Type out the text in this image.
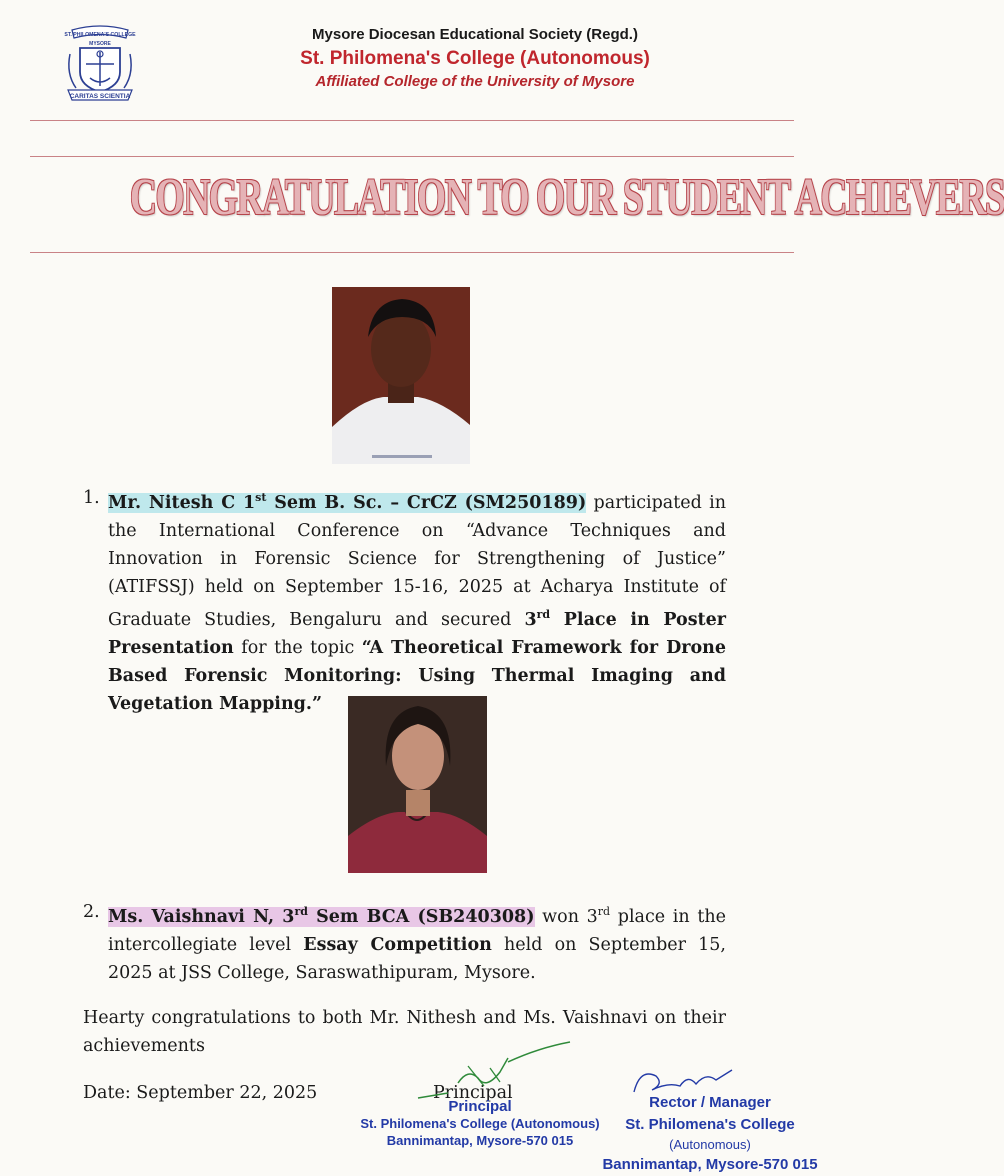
ST. PHILOMENA'S COLLEGE
MYSORE
CARITAS SCIENTIA
Mysore Diocesan Educational Society (Regd.)
St. Philomena's College (Autonomous)
Affiliated College of the University of Mysore
CONGRATULATION TO OUR STUDENT ACHIEVERS
1. Mr. Nitesh C 1st Sem B. Sc. – CrCZ (SM250189) participated in the International Conference on “Advance Techniques and Innovation in Forensic Science for Strengthening of Justice” (ATIFSSJ) held on September 15-16, 2025 at Acharya Institute of Graduate Studies, Bengaluru and secured 3rd Place in Poster Presentation for the topic “A Theoretical Framework for Drone Based Forensic Monitoring: Using Thermal Imaging and Vegetation Mapping.”
2. Ms. Vaishnavi N, 3rd Sem BCA (SB240308) won 3rd place in the intercollegiate level Essay Competition held on September 15, 2025 at JSS College, Saraswathipuram, Mysore.
Hearty congratulations to both Mr. Nithesh and Ms. Vaishnavi on their achievements
Date: September 22, 2025	Principal
Principal
St. Philomena's College (Autonomous)
Bannimantap, Mysore-570 015
Rector / Manager
St. Philomena's College
(Autonomous)
Bannimantap, Mysore-570 015
